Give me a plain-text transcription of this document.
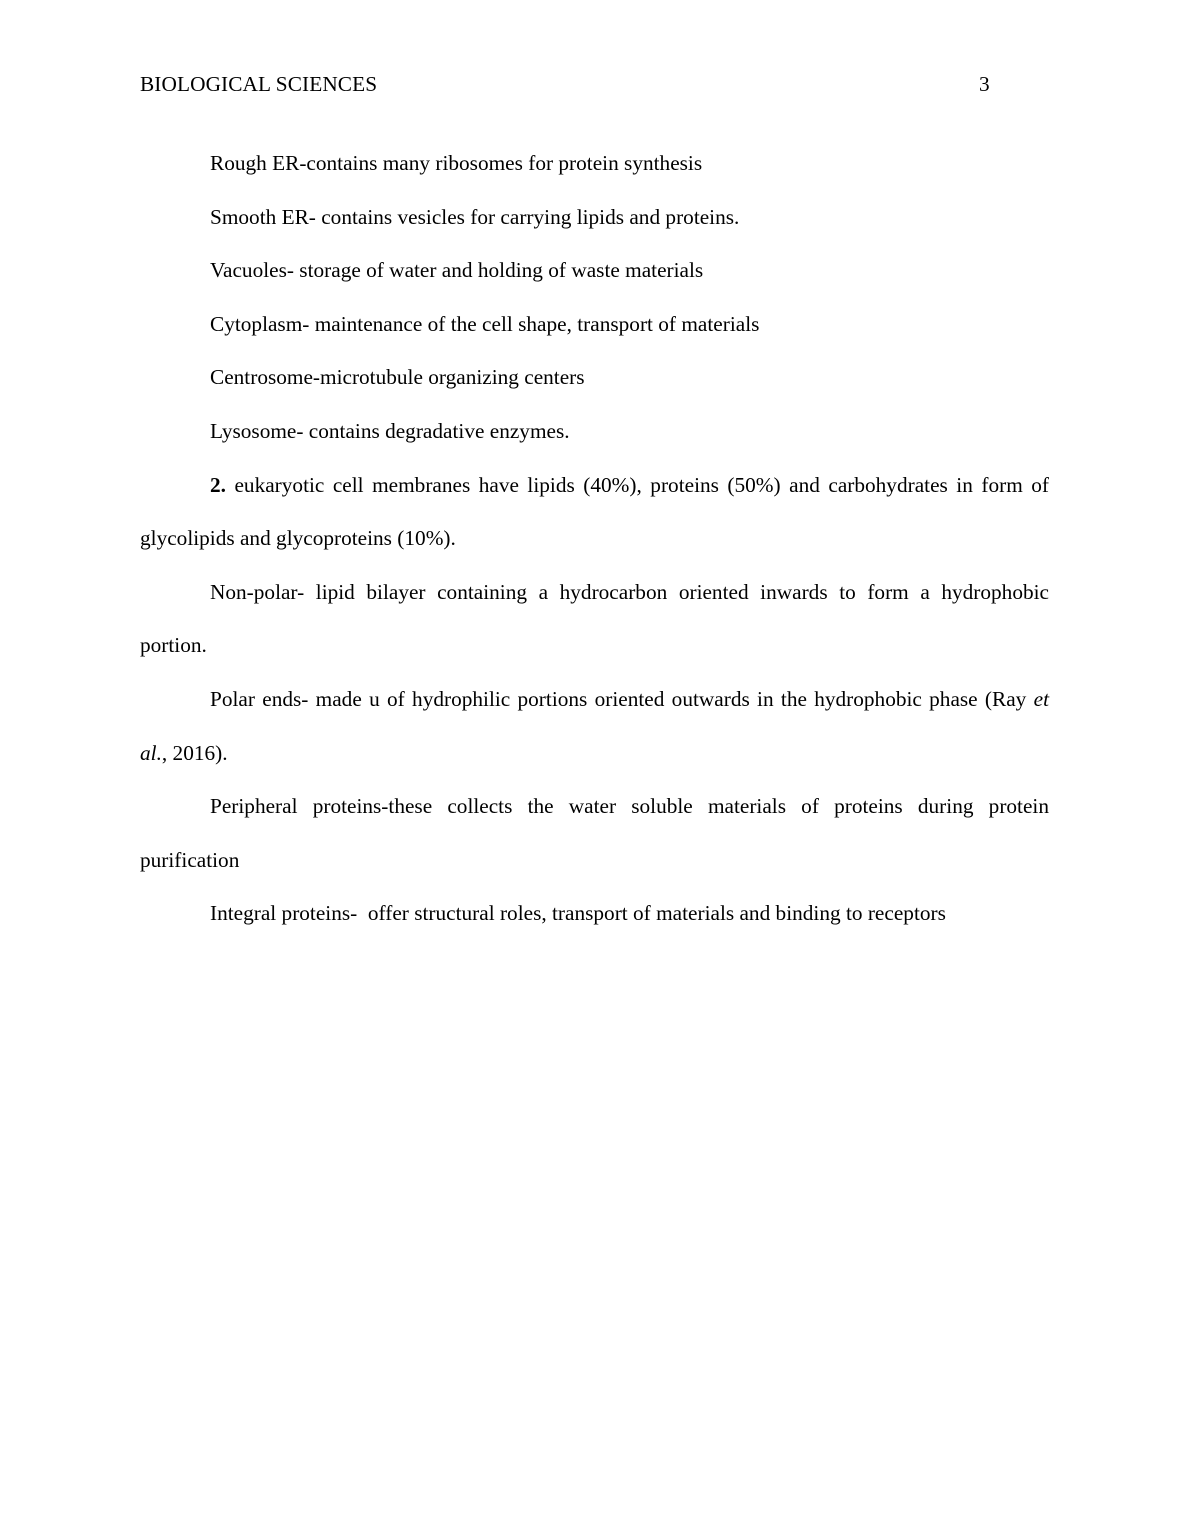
BIOLOGICAL SCIENCES	3

Rough ER-contains many ribosomes for protein synthesis

Smooth ER- contains vesicles for carrying lipids and proteins.

Vacuoles- storage of water and holding of waste materials

Cytoplasm- maintenance of the cell shape, transport of materials

Centrosome-microtubule organizing centers

Lysosome- contains degradative enzymes.

2. eukaryotic cell membranes have lipids (40%), proteins (50%) and carbohydrates in form of glycolipids and glycoproteins (10%).

Non-polar- lipid bilayer containing a hydrocarbon oriented inwards to form a hydrophobic portion.

Polar ends- made u of hydrophilic portions oriented outwards in the hydrophobic phase (Ray et al., 2016).

Peripheral proteins-these collects the water soluble materials of proteins during protein purification

Integral proteins-  offer structural roles, transport of materials and binding to receptors
